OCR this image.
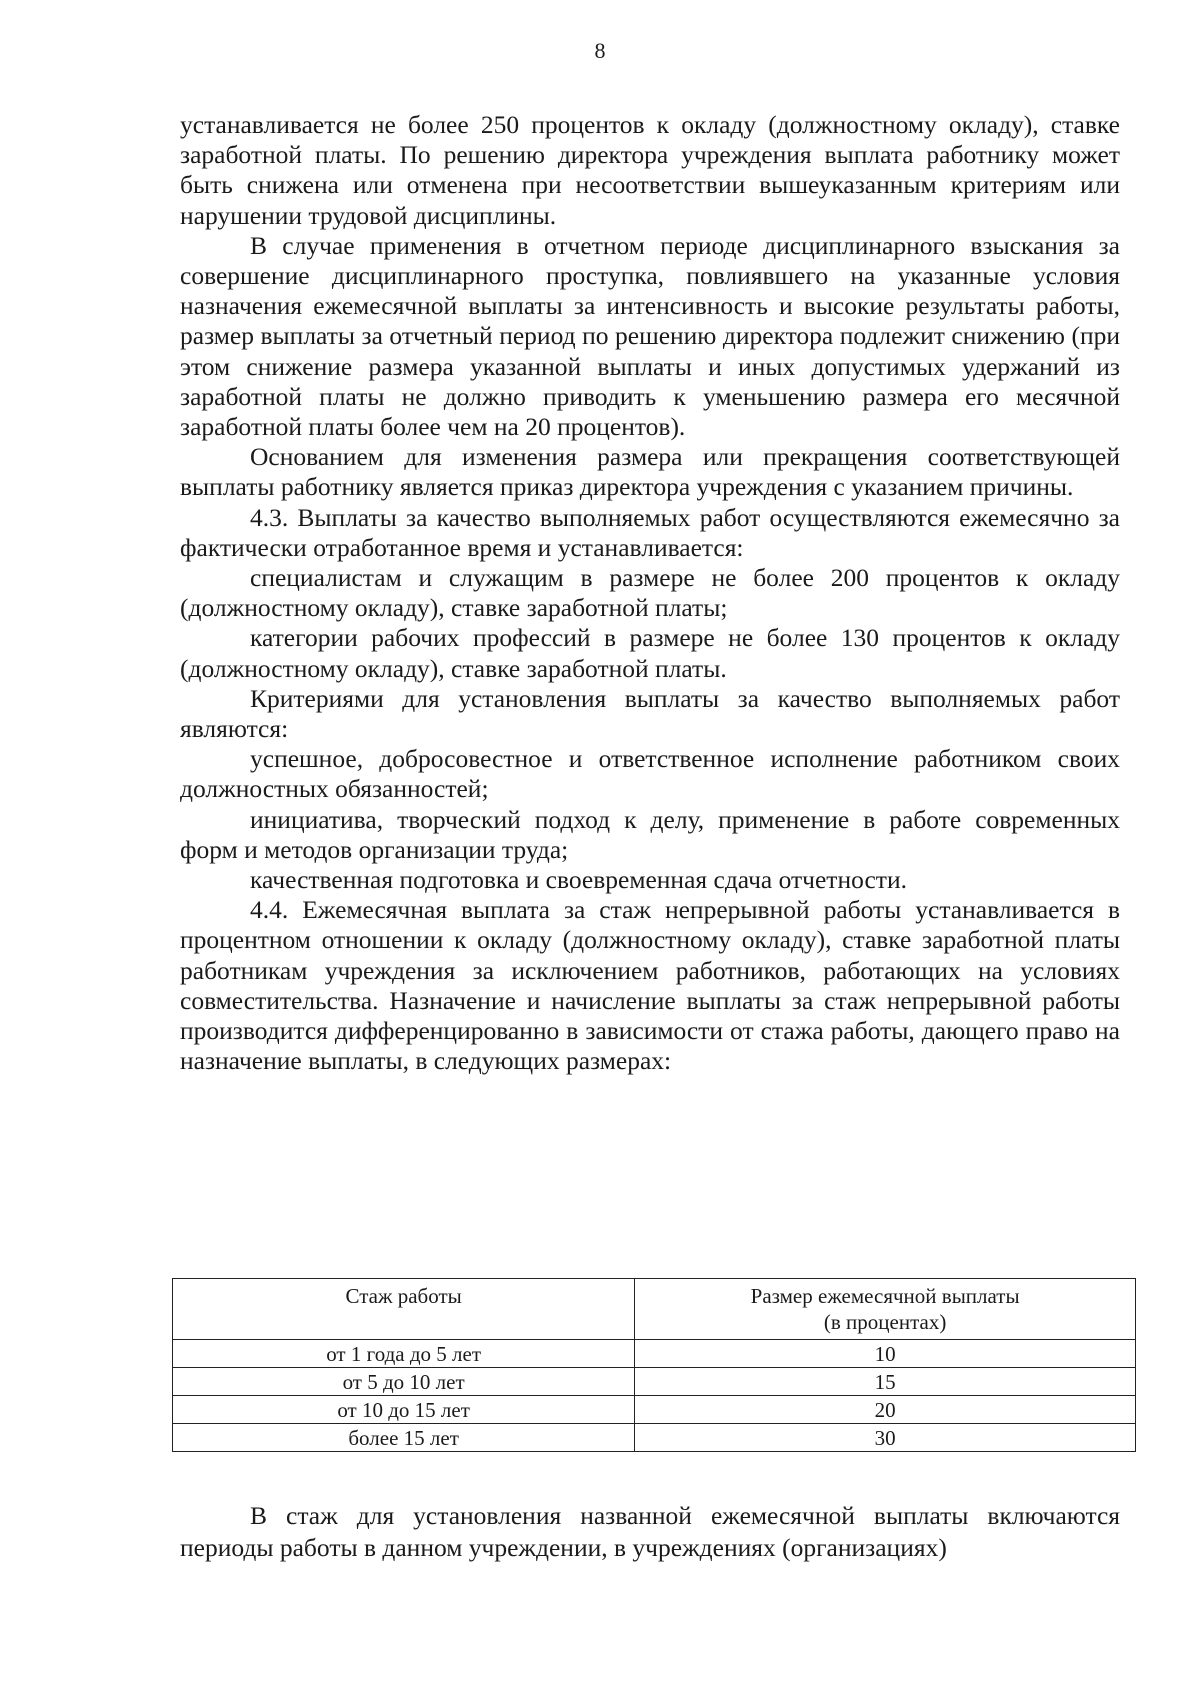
8

устанавливается не более 250 процентов к окладу (должностному окладу), ставке заработной платы. По решению директора учреждения выплата работнику может быть снижена или отменена при несоответствии вышеуказанным критериям или нарушении трудовой дисциплины.

В случае применения в отчетном периоде дисциплинарного взыскания за совершение дисциплинарного проступка, повлиявшего на указанные условия назначения ежемесячной выплаты за интенсивность и высокие результаты работы, размер выплаты за отчетный период по решению директора подлежит снижению (при этом снижение размера указанной выплаты и иных допустимых удержаний из заработной платы не должно приводить к уменьшению размера его месячной заработной платы более чем на 20 процентов).

Основанием для изменения размера или прекращения соответствующей выплаты работнику является приказ директора учреждения с указанием причины.

4.3. Выплаты за качество выполняемых работ осуществляются ежемесячно за фактически отработанное время и устанавливается:

специалистам и служащим в размере не более 200 процентов к окладу (должностному окладу), ставке заработной платы;

категории рабочих профессий в размере не более 130 процентов к окладу (должностному окладу), ставке заработной платы.

Критериями для установления выплаты за качество выполняемых работ являются:

успешное, добросовестное и ответственное исполнение работником своих должностных обязанностей;

инициатива, творческий подход к делу, применение в работе современных форм и методов организации труда;

качественная подготовка и своевременная сдача отчетности.

4.4. Ежемесячная выплата за стаж непрерывной работы устанавливается в процентном отношении к окладу (должностному окладу), ставке заработной платы работникам учреждения за исключением работников, работающих на условиях совместительства. Назначение и начисление выплаты за стаж непрерывной работы производится дифференцированно в зависимости от стажа работы, дающего право на назначение выплаты, в следующих размерах:

Стаж работы	Размер ежемесячной выплаты
(в процентах)
от 1 года до 5 лет	10
от 5 до 10 лет	15
от 10 до 15 лет	20
более 15 лет	30

В стаж для установления названной ежемесячной выплаты включаются периоды работы в данном учреждении, в учреждениях (организациях)
